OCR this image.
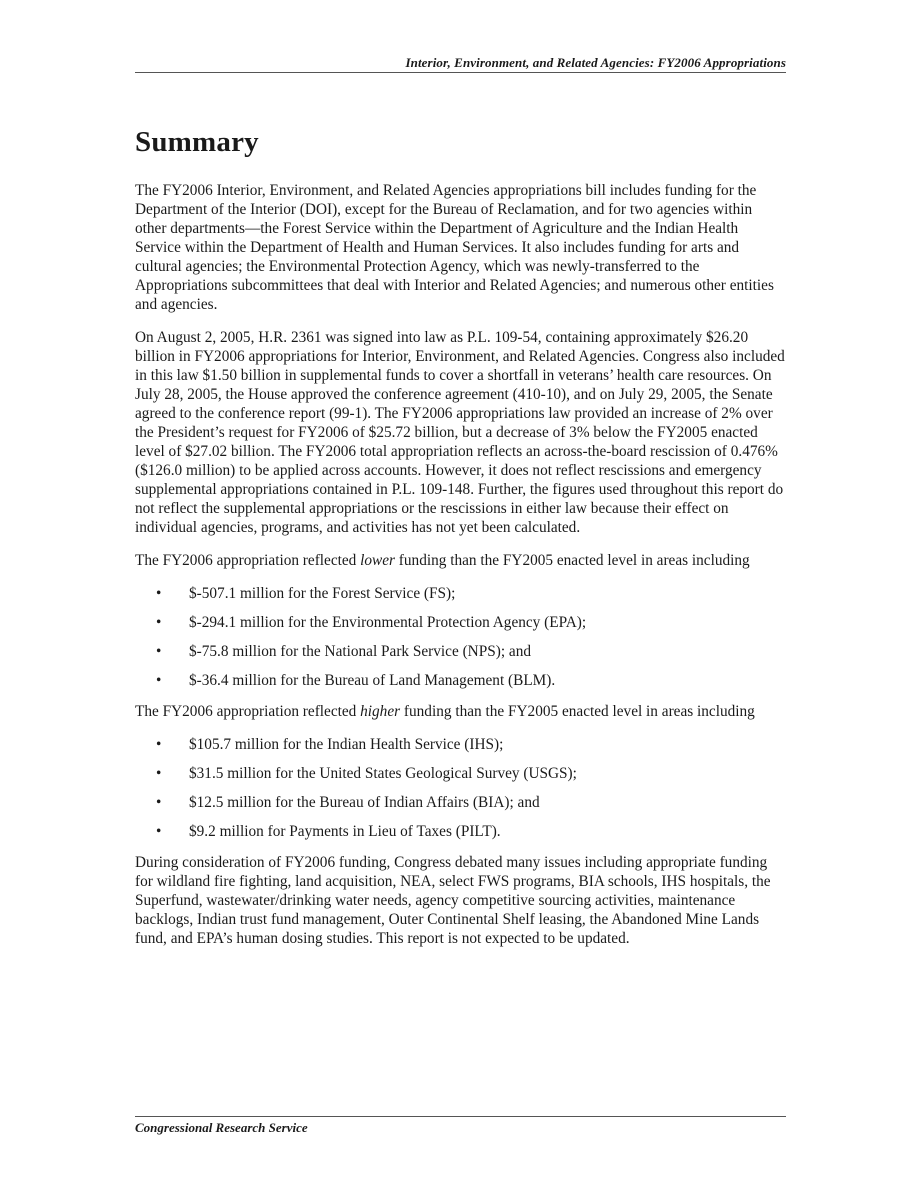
Interior, Environment, and Related Agencies: FY2006 Appropriations
Summary

The FY2006 Interior, Environment, and Related Agencies appropriations bill includes funding for the Department of the Interior (DOI), except for the Bureau of Reclamation, and for two agencies within other departments—the Forest Service within the Department of Agriculture and the Indian Health Service within the Department of Health and Human Services. It also includes funding for arts and cultural agencies; the Environmental Protection Agency, which was newly-transferred to the Appropriations subcommittees that deal with Interior and Related Agencies; and numerous other entities and agencies.

On August 2, 2005, H.R. 2361 was signed into law as P.L. 109-54, containing approximately $26.20 billion in FY2006 appropriations for Interior, Environment, and Related Agencies. Congress also included in this law $1.50 billion in supplemental funds to cover a shortfall in veterans’ health care resources. On July 28, 2005, the House approved the conference agreement (410-10), and on July 29, 2005, the Senate agreed to the conference report (99-1). The FY2006 appropriations law provided an increase of 2% over the President’s request for FY2006 of $25.72 billion, but a decrease of 3% below the FY2005 enacted level of $27.02 billion. The FY2006 total appropriation reflects an across-the-board rescission of 0.476% ($126.0 million) to be applied across accounts. However, it does not reflect rescissions and emergency supplemental appropriations contained in P.L. 109-148. Further, the figures used throughout this report do not reflect the supplemental appropriations or the rescissions in either law because their effect on individual agencies, programs, and activities has not yet been calculated.

The FY2006 appropriation reflected lower funding than the FY2005 enacted level in areas including

• $-507.1 million for the Forest Service (FS);
• $-294.1 million for the Environmental Protection Agency (EPA);
• $-75.8 million for the National Park Service (NPS); and
• $-36.4 million for the Bureau of Land Management (BLM).

The FY2006 appropriation reflected higher funding than the FY2005 enacted level in areas including

• $105.7 million for the Indian Health Service (IHS);
• $31.5 million for the United States Geological Survey (USGS);
• $12.5 million for the Bureau of Indian Affairs (BIA); and
• $9.2 million for Payments in Lieu of Taxes (PILT).

During consideration of FY2006 funding, Congress debated many issues including appropriate funding for wildland fire fighting, land acquisition, NEA, select FWS programs, BIA schools, IHS hospitals, the Superfund, wastewater/drinking water needs, agency competitive sourcing activities, maintenance backlogs, Indian trust fund management, Outer Continental Shelf leasing, the Abandoned Mine Lands fund, and EPA’s human dosing studies. This report is not expected to be updated.

Congressional Research Service
